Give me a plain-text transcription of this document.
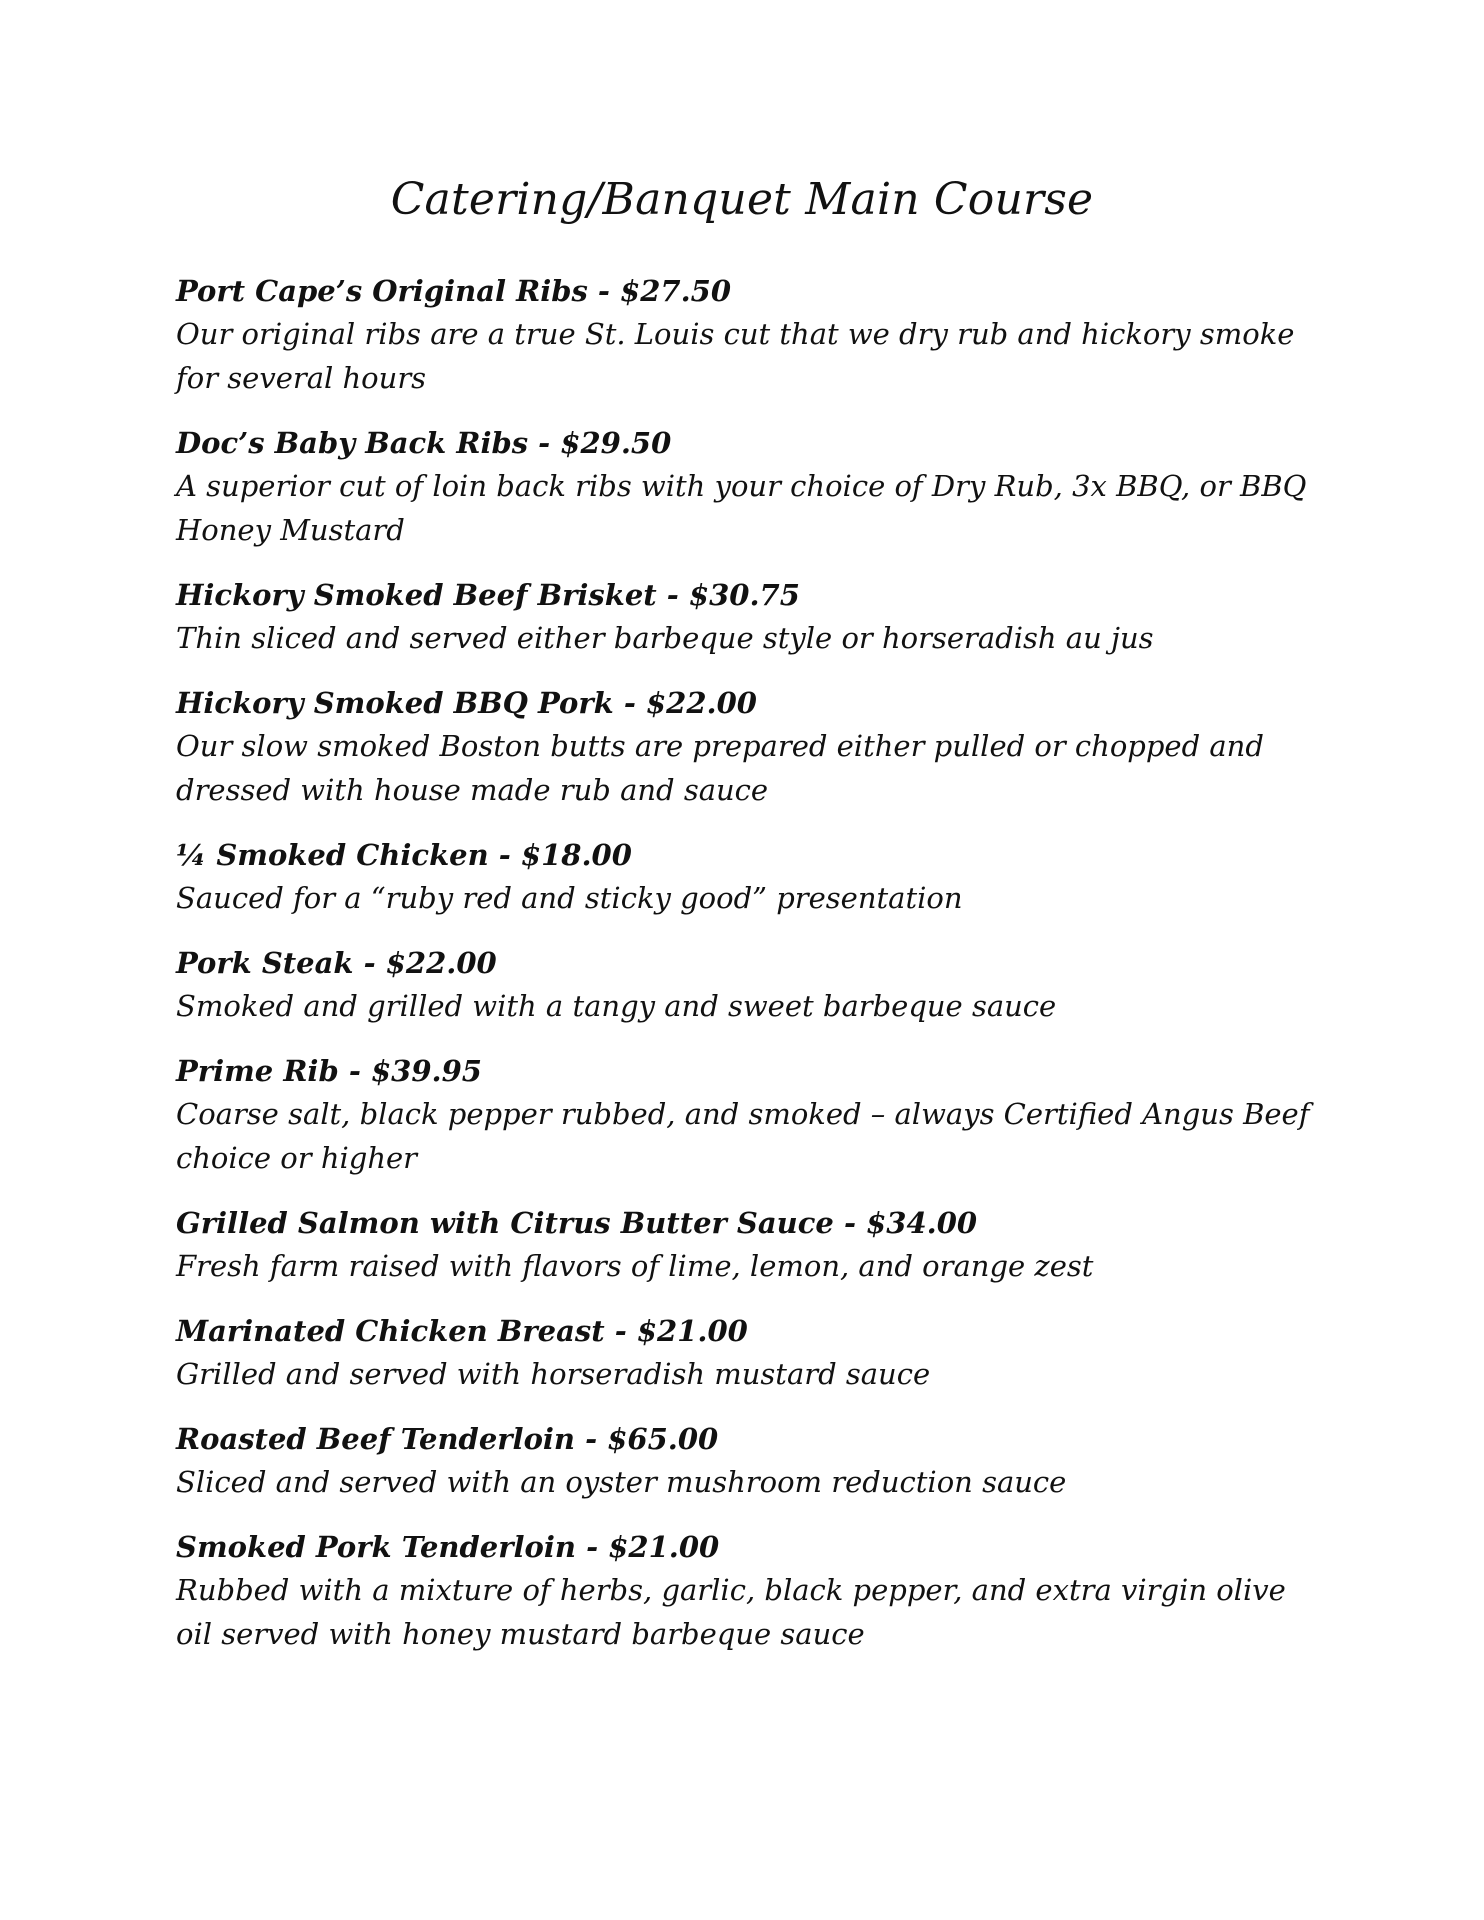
Catering/Banquet Main Course

Port Cape’s Original Ribs - $27.50

Our original ribs are a true St. Louis cut that we dry rub and hickory smoke for several hours

Doc’s Baby Back Ribs - $29.50

A superior cut of loin back ribs with your choice of Dry Rub, 3x BBQ, or BBQ Honey Mustard

Hickory Smoked Beef Brisket - $30.75

Thin sliced and served either barbeque style or horseradish au jus

Hickory Smoked BBQ Pork - $22.00

Our slow smoked Boston butts are prepared either pulled or chopped and dressed with house made rub and sauce

¼ Smoked Chicken - $18.00

Sauced for a “ruby red and sticky good” presentation

Pork Steak - $22.00

Smoked and grilled with a tangy and sweet barbeque sauce

Prime Rib - $39.95

Coarse salt, black pepper rubbed, and smoked – always Certified Angus Beef choice or higher

Grilled Salmon with Citrus Butter Sauce - $34.00

Fresh farm raised with flavors of lime, lemon, and orange zest

Marinated Chicken Breast - $21.00

Grilled and served with horseradish mustard sauce

Roasted Beef Tenderloin - $65.00

Sliced and served with an oyster mushroom reduction sauce

Smoked Pork Tenderloin - $21.00

Rubbed with a mixture of herbs, garlic, black pepper, and extra virgin olive oil served with honey mustard barbeque sauce
